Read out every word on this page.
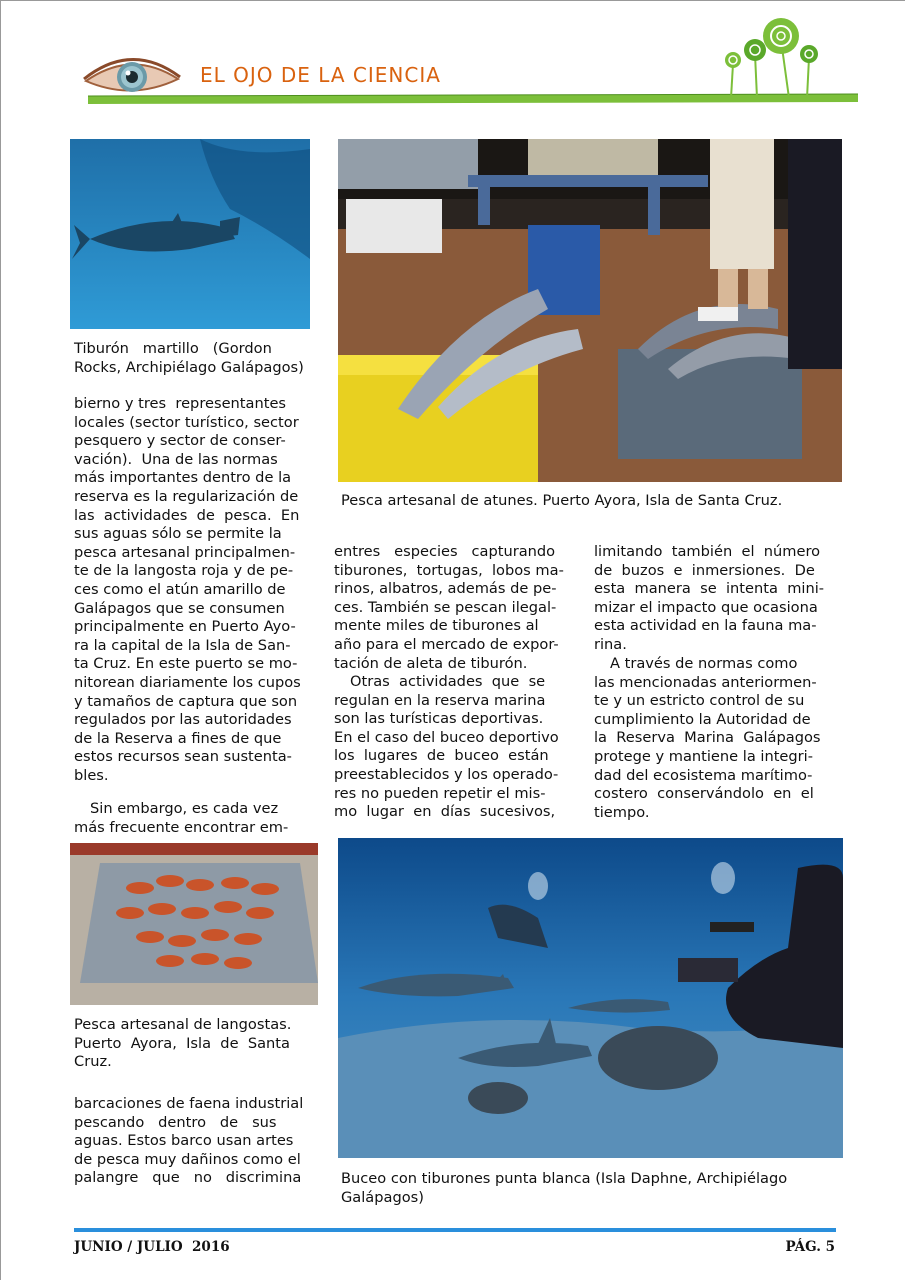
EL OJO DE LA CIENCIA
Tiburón   martillo   (Gordon
Rocks, Archipiélago Galápagos)
Pesca artesanal de atunes. Puerto Ayora, Isla de Santa Cruz.
bierno y tres  representantes
locales (sector turístico, sector
pesquero y sector de conser-
vación).  Una de las normas
más importantes dentro de la
reserva es la regularización de
las  actividades  de  pesca.  En
sus aguas sólo se permite la
pesca artesanal principalmen-
te de la langosta roja y de pe-
ces como el atún amarillo de
Galápagos que se consumen
principalmente en Puerto Ayo-
ra la capital de la Isla de San-
ta Cruz. En este puerto se mo-
nitorean diariamente los cupos
y tamaños de captura que son
regulados por las autoridades
de la Reserva a fines de que
estos recursos sean sustenta-
bles.
Sin embargo, es cada vez
más frecuente encontrar em-
entres   especies   capturando
tiburones,  tortugas,  lobos ma-
rinos, albatros, además de pe-
ces. También se pescan ilegal-
mente miles de tiburones al
año para el mercado de expor-
tación de aleta de tiburón.
Otras  actividades  que  se
regulan en la reserva marina
son las turísticas deportivas.
En el caso del buceo deportivo
los  lugares  de  buceo  están
preestablecidos y los operado-
res no pueden repetir el mis-
mo  lugar  en  días  sucesivos,
limitando  también  el  número
de  buzos  e  inmersiones.  De
esta  manera  se  intenta  mini-
mizar el impacto que ocasiona
esta actividad en la fauna ma-
rina.
A través de normas como
las mencionadas anteriormen-
te y un estricto control de su
cumplimiento la Autoridad de
la  Reserva  Marina  Galápagos
protege y mantiene la integri-
dad del ecosistema marítimo-
costero  conservándolo  en  el
tiempo.
Pesca artesanal de langostas.
Puerto  Ayora,  Isla  de  Santa
Cruz.
barcaciones de faena industrial
pescando   dentro   de   sus
aguas. Estos barco usan artes
de pesca muy dañinos como el
palangre   que   no   discrimina	Buceo con tiburones punta blanca (Isla Daphne, Archipiélago
Galápagos)
JUNIO / JULIO  2016	PÁG. 5
